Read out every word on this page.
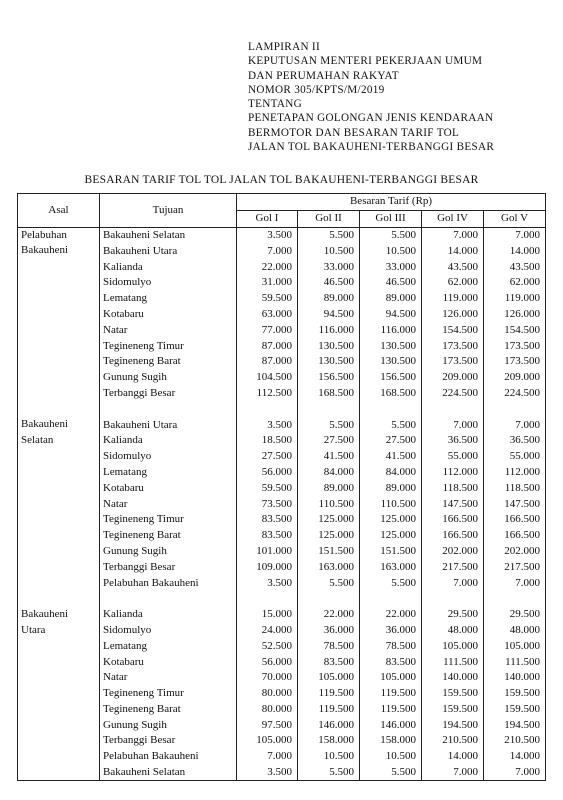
LAMPIRAN II
KEPUTUSAN MENTERI PEKERJAAN UMUM
DAN PERUMAHAN RAKYAT
NOMOR 305/KPTS/M/2019
TENTANG
PENETAPAN GOLONGAN JENIS KENDARAAN
BERMOTOR DAN BESARAN TARIF TOL
JALAN TOL BAKAUHENI-TERBANGGI BESAR
BESARAN TARIF TOL TOL JALAN TOL BAKAUHENI-TERBANGGI BESAR
Asal	Tujuan	Besaran Tarif (Rp)				
		Gol I	Gol II	Gol III	Gol IV	Gol V
Pelabuhan	Bakauheni Selatan	3.500	5.500	5.500	7.000	7.000
Bakauheni	Bakauheni Utara	7.000	10.500	10.500	14.000	14.000
	Kalianda	22.000	33.000	33.000	43.500	43.500
	Sidomulyo	31.000	46.500	46.500	62.000	62.000
	Lematang	59.500	89.000	89.000	119.000	119.000
	Kotabaru	63.000	94.500	94.500	126.000	126.000
	Natar	77.000	116.000	116.000	154.500	154.500
	Tegineneng Timur	87.000	130.500	130.500	173.500	173.500
	Tegineneng Barat	87.000	130.500	130.500	173.500	173.500
	Gunung Sugih	104.500	156.500	156.500	209.000	209.000
	Terbanggi Besar	112.500	168.500	168.500	224.500	224.500

Bakauheni	Bakauheni Utara	3.500	5.500	5.500	7.000	7.000
Selatan	Kalianda	18.500	27.500	27.500	36.500	36.500
	Sidomulyo	27.500	41.500	41.500	55.000	55.000
	Lematang	56.000	84.000	84.000	112.000	112.000
	Kotabaru	59.500	89.000	89.000	118.500	118.500
	Natar	73.500	110.500	110.500	147.500	147.500
	Tegineneng Timur	83.500	125.000	125.000	166.500	166.500
	Tegineneng Barat	83.500	125.000	125.000	166.500	166.500
	Gunung Sugih	101.000	151.500	151.500	202.000	202.000
	Terbanggi Besar	109.000	163.000	163.000	217.500	217.500
	Pelabuhan Bakauheni	3.500	5.500	5.500	7.000	7.000

Bakauheni	Kalianda	15.000	22.000	22.000	29.500	29.500
Utara	Sidomulyo	24.000	36.000	36.000	48.000	48.000
	Lematang	52.500	78.500	78.500	105.000	105.000
	Kotabaru	56.000	83.500	83.500	111.500	111.500
	Natar	70.000	105.000	105.000	140.000	140.000
	Tegineneng Timur	80.000	119.500	119.500	159.500	159.500
	Tegineneng Barat	80.000	119.500	119.500	159.500	159.500
	Gunung Sugih	97.500	146.000	146.000	194.500	194.500
	Terbanggi Besar	105.000	158.000	158.000	210.500	210.500
	Pelabuhan Bakauheni	7.000	10.500	10.500	14.000	14.000
	Bakauheni Selatan	3.500	5.500	5.500	7.000	7.000
